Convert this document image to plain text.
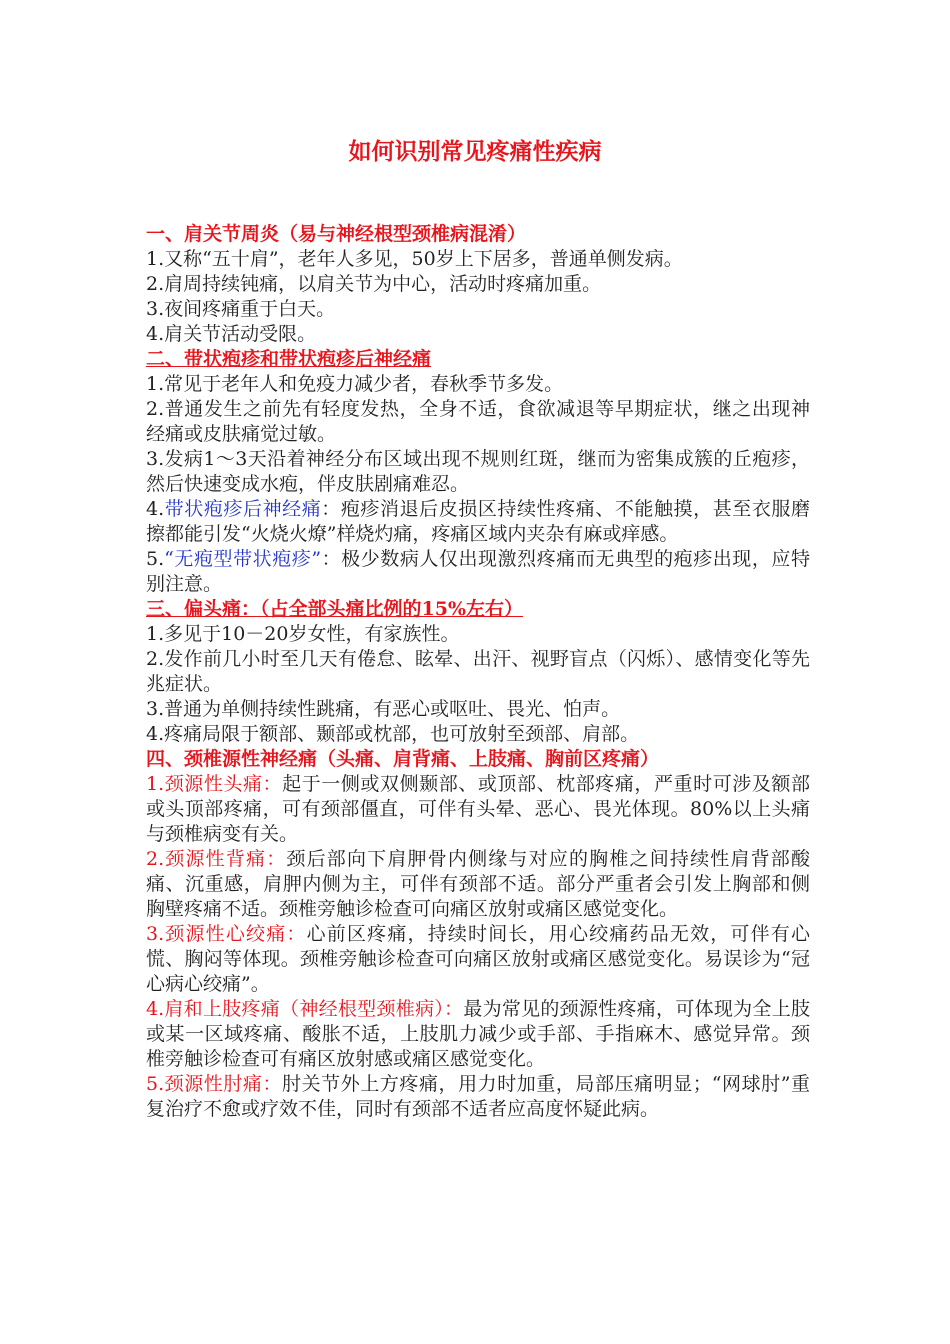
如何识别常见疼痛性疾病

一、肩关节周炎（易与神经根型颈椎病混淆）

1.又称“五十肩”，老年人多见，50岁上下居多，普通单侧发病。

2.肩周持续钝痛，以肩关节为中心，活动时疼痛加重。

3.夜间疼痛重于白天。

4.肩关节活动受限。

二、带状疱疹和带状疱疹后神经痛

1.常见于老年人和免疫力减少者，春秋季节多发。

2.普通发生之前先有轻度发热，全身不适，食欲减退等早期症状，继之出现神经痛或皮肤痛觉过敏。

3.发病1～3天沿着神经分布区域出现不规则红斑，继而为密集成簇的丘疱疹，然后快速变成水疱，伴皮肤剧痛难忍。

4.带状疱疹后神经痛：疱疹消退后皮损区持续性疼痛、不能触摸，甚至衣服磨擦都能引发“火烧火燎”样烧灼痛，疼痛区域内夹杂有麻或痒感。

5.“无疱型带状疱疹”：极少数病人仅出现激烈疼痛而无典型的疱疹出现，应特别注意。

三、偏头痛：（占全部头痛比例的15%左右）

1.多见于10－20岁女性，有家族性。

2.发作前几小时至几天有倦怠、眩晕、出汗、视野盲点（闪烁）、感情变化等先兆症状。

3.普通为单侧持续性跳痛，有恶心或呕吐、畏光、怕声。

4.疼痛局限于额部、颞部或枕部，也可放射至颈部、肩部。

四、颈椎源性神经痛（头痛、肩背痛、上肢痛、胸前区疼痛）

1.颈源性头痛：起于一侧或双侧颞部、或顶部、枕部疼痛，严重时可涉及额部或头顶部疼痛，可有颈部僵直，可伴有头晕、恶心、畏光体现。80%以上头痛与颈椎病变有关。

2.颈源性背痛：颈后部向下肩胛骨内侧缘与对应的胸椎之间持续性肩背部酸痛、沉重感，肩胛内侧为主，可伴有颈部不适。部分严重者会引发上胸部和侧胸壁疼痛不适。颈椎旁触诊检查可向痛区放射或痛区感觉变化。

3.颈源性心绞痛：心前区疼痛，持续时间长，用心绞痛药品无效，可伴有心慌、胸闷等体现。颈椎旁触诊检查可向痛区放射或痛区感觉变化。易误诊为“冠心病心绞痛”。

4.肩和上肢疼痛（神经根型颈椎病）：最为常见的颈源性疼痛，可体现为全上肢或某一区域疼痛、酸胀不适，上肢肌力减少或手部、手指麻木、感觉异常。颈椎旁触诊检查可有痛区放射感或痛区感觉变化。

5.颈源性肘痛：肘关节外上方疼痛，用力时加重，局部压痛明显；“网球肘”重复治疗不愈或疗效不佳，同时有颈部不适者应高度怀疑此病。
